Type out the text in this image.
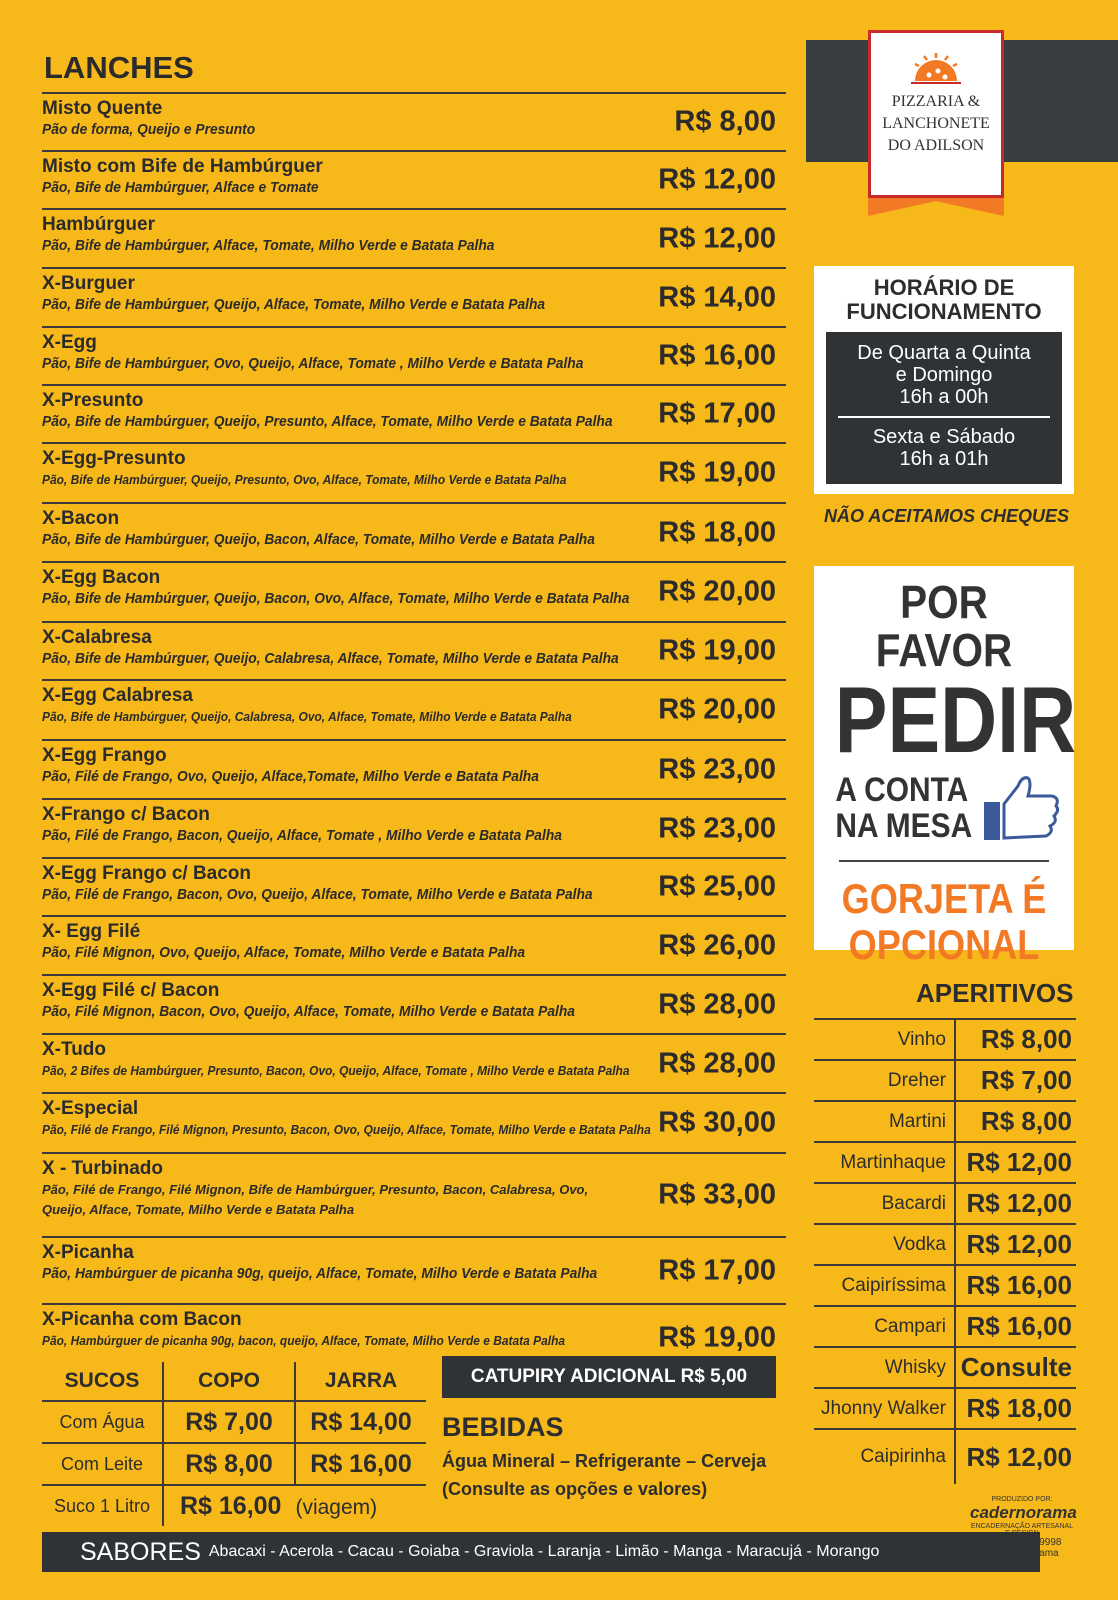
LANCHES
Misto Quente
Pão de forma, Queijo e Presunto	R$ 8,00
Misto com Bife de Hambúrguer
Pão, Bife de Hambúrguer, Alface e Tomate	R$ 12,00
Hambúrguer
Pão, Bife de Hambúrguer, Alface, Tomate, Milho Verde e Batata Palha	R$ 12,00
X-Burguer
Pão, Bife de Hambúrguer, Queijo, Alface, Tomate, Milho Verde e Batata Palha	R$ 14,00
X-Egg
Pão, Bife de Hambúrguer, Ovo, Queijo, Alface, Tomate , Milho Verde e Batata Palha	R$ 16,00
X-Presunto
Pão, Bife de Hambúrguer, Queijo, Presunto, Alface, Tomate, Milho Verde e Batata Palha R$ 17,00
X-Egg-Presunto
Pão, Bife de Hambúrguer, Queijo, Presunto, Ovo, Alface, Tomate, Milho Verde e Batata Palha	R$ 19,00
X-Bacon
Pão, Bife de Hambúrguer, Queijo, Bacon, Alface, Tomate, Milho Verde e Batata Palha	R$ 18,00
X-Egg Bacon
Pão, Bife de Hambúrguer, Queijo, Bacon, Ovo, Alface, Tomate, Milho Verde e Batata Palha R$ 20,00
X-Calabresa
Pão, Bife de Hambúrguer, Queijo, Calabresa, Alface, Tomate, Milho Verde e Batata Palha R$ 19,00
X-Egg Calabresa
Pão, Bife de Hambúrguer, Queijo, Calabresa, Ovo, Alface, Tomate, Milho Verde e Batata Palha	R$ 20,00
X-Egg Frango
Pão, Filé de Frango, Ovo, Queijo, Alface,Tomate, Milho Verde e Batata Palha	R$ 23,00
X-Frango c/ Bacon
Pão, Filé de Frango, Bacon, Queijo, Alface, Tomate , Milho Verde e Batata Palha	R$ 23,00
X-Egg Frango c/ Bacon
Pão, Filé de Frango, Bacon, Ovo, Queijo, Alface, Tomate, Milho Verde e Batata Palha	R$ 25,00
X- Egg Filé
Pão, Filé Mignon, Ovo, Queijo, Alface, Tomate, Milho Verde e Batata Palha	R$ 26,00
X-Egg Filé c/ Bacon
Pão, Filé Mignon, Bacon, Ovo, Queijo, Alface, Tomate, Milho Verde e Batata Palha	R$ 28,00
X-Tudo
Pão, 2 Bifes de Hambúrguer, Presunto, Bacon, Ovo, Queijo, Alface, Tomate , Milho Verde e Batata Palha R$ 28,00
X-Especial
Pão, Filé de Frango, Filé Mignon, Presunto, Bacon, Ovo, Queijo, Alface, Tomate, Milho Verde e Batata Palha R$ 30,00
X - Turbinado
Pão, Filé de Frango, Filé Mignon, Bife de Hambúrguer, Presunto, Bacon, Calabresa, Ovo, Queijo, Alface, Tomate, Milho Verde e Batata Palha	R$ 33,00
X-Picanha
Pão, Hambúrguer de picanha 90g, queijo, Alface, Tomate, Milho Verde e Batata Palha	R$ 17,00
X-Picanha com Bacon
Pão, Hambúrguer de picanha 90g, bacon, queijo, Alface, Tomate, Milho Verde e Batata Palha	R$ 19,00
SUCOS	COPO	JARRA
Com Água	R$ 7,00	R$ 14,00
Com Leite	R$ 8,00	R$ 16,00
Suco 1 Litro	R$ 16,00 (viagem)	
CATUPIRY ADICIONAL R$ 5,00
BEBIDAS
Água Mineral – Refrigerante – Cerveja
(Consulte as opções e valores)
SABORES Abacaxi - Acerola - Cacau - Goiaba - Graviola - Laranja - Limão - Manga - Maracujá - Morango
PIZZARIA &
LANCHONETE
DO ADILSON
HORÁRIO DE
FUNCIONAMENTO
De Quarta a Quinta
e Domingo
16h a 00h
Sexta e Sábado
16h a 01h
NÃO ACEITAMOS CHEQUES
POR FAVOR
PEDIR
A CONTA
NA MESA
GORJETA É
OPCIONAL
APERITIVOS
Vinho	R$ 8,00
Dreher	R$ 7,00
Martini	R$ 8,00
Martinhaque	R$ 12,00
Bacardi	R$ 12,00
Vodka	R$ 12,00
Caipiríssima	R$ 16,00
Campari	R$ 16,00
Whisky	Consulte
Jhonny Walker	R$ 18,00
Caipirinha	R$ 12,00
PRODUZIDO POR:
cadernorama
ENCADERNAÇÃO ARTESANAL E DESIGN
✆ 27. 9.9800.9998
◎ @cadernorama
